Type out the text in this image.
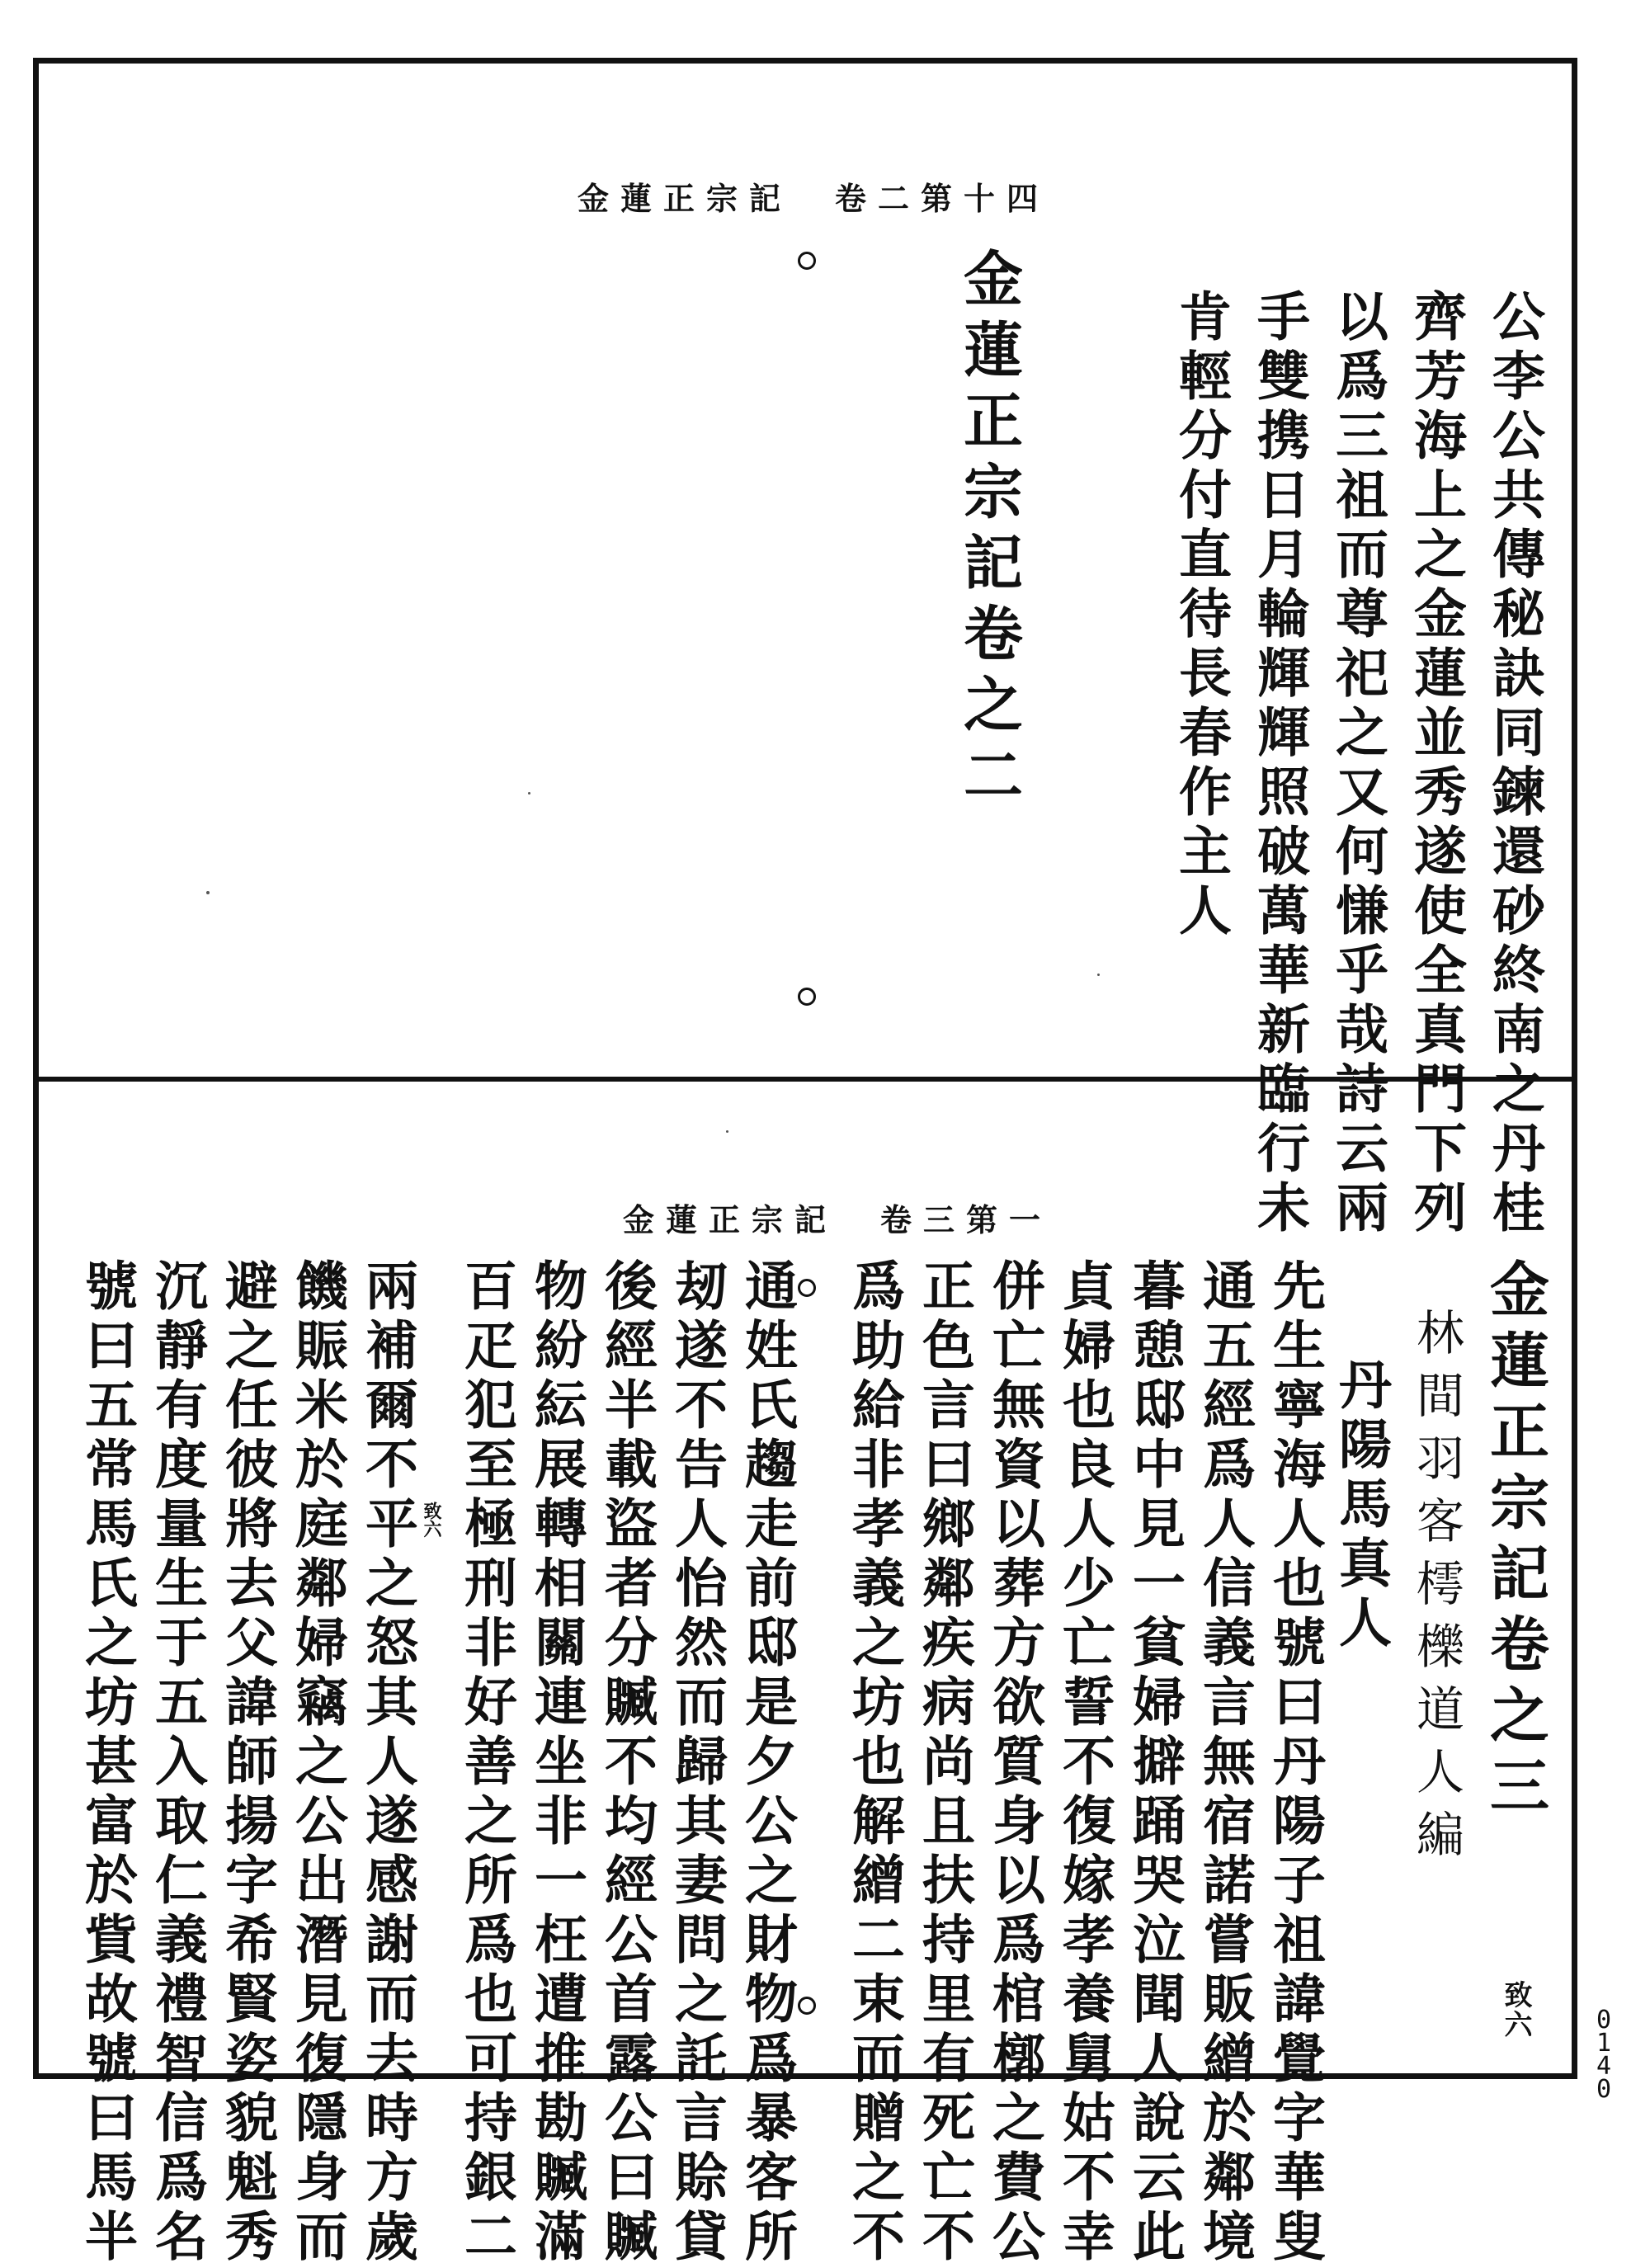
金蓮正宗記　卷二第十四
金蓮正宗記卷之二	公李公共傳秘訣同鍊還砂終南之丹桂
齊芳海上之金蓮並秀遂使全真門下列
以爲三祖而尊祀之又何慊乎哉詩云兩
手雙携日月輪輝輝照破萬華新臨行未
肯輕分付直待長春作主人
金蓮正宗記　卷三第一
金蓮正宗記卷之三
致六
林間羽客樗櫟道人編
丹陽馬真人
致六	先生寧海人也號曰丹陽子祖諱覺字華叟
通五經爲人信義言無宿諾嘗販繒於鄰境
暮憩邸中見一貧婦擗踊哭泣聞人說云此
貞婦也良人少亡誓不復嫁孝養舅姑不幸
併亡無資以葬方欲質身以爲棺槨之費公
正色言曰鄉鄰疾病尚且扶持里有死亡不
爲助給非孝義之坊也解繒二束而贈之不
通姓氏趨走前邸是夕公之財物爲暴客所
刼遂不告人怡然而歸其妻問之託言賒貸
後經半載盜者分贓不均經公首露公曰贓
物紛紜展轉相關連坐非一枉遭推勘贓滿
百疋犯至極刑非好善之所爲也可持銀二
兩補爾不平之怒其人遂感謝而去時方歲
饑賑米於庭鄰婦竊之公出潛見復隱身而
避之任彼將去父諱師揚字希賢姿貌魁秀
沉靜有度量生于五入取仁義禮智信爲名
號曰五常馬氏之坊甚富於貲故號曰馬半	0
1
4
0
